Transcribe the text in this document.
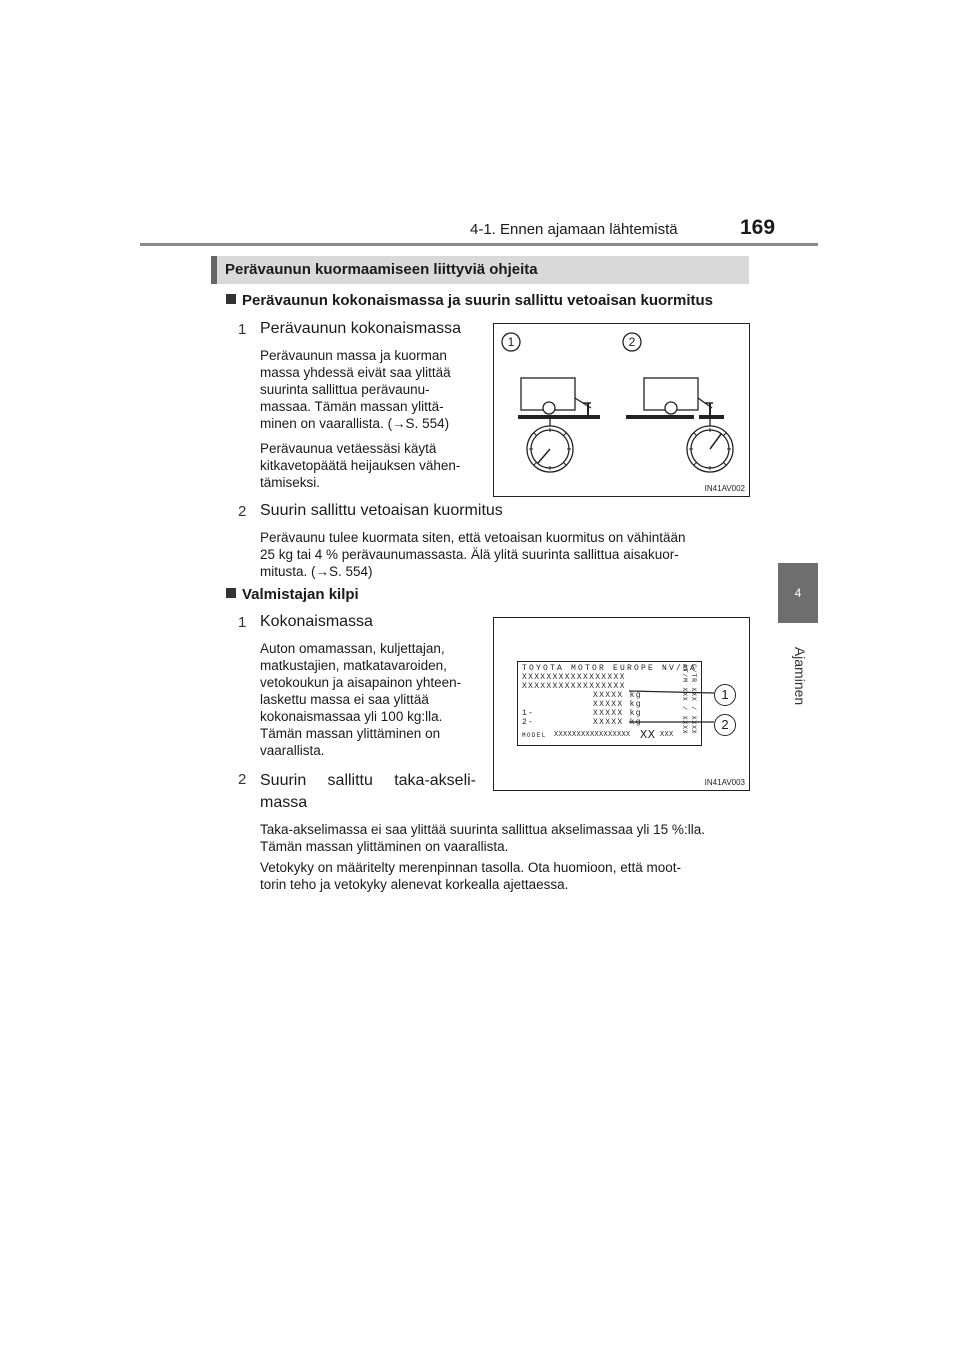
4-1. Ennen ajamaan lähtemistä	169
4
Ajaminen
Perävaunun kuormaamiseen liittyviä ohjeita
Perävaunun kokonaismassa ja suurin sallittu vetoaisan kuormitus
1 Perävaunun kokonaismassa
Perävaunun massa ja kuorman
massa yhdessä eivät saa ylittää
suurinta sallittua perävaunu-
massaa. Tämän massan ylittä-
minen on vaarallista. (→S. 554)
Perävaunua vetäessäsi käytä
kitkavetopäätä heijauksen vähen-
tämiseksi.
1	2
IN41AV002
2 Suurin sallittu vetoaisan kuormitus
Perävaunu tulee kuormata siten, että vetoaisan kuormitus on vähintään
25 kg tai 4 % perävaunumassasta. Älä ylitä suurinta sallittua aisakuor-
mitusta. (→S. 554)
Valmistajan kilpi
1 Kokonaismassa
Auton omamassan, kuljettajan,
matkustajien, matkatavaroiden,
vetokoukun ja aisapainon yhteen-
laskettu massa ei saa ylittää
kokonaismassaa yli 100 kg:lla.
Tämän massan ylittäminen on
vaarallista.
TOYOTA MOTOR EUROPE NV/SA
XXXXXXXXXXXXXXXXX
XXXXXXXXXXXXXXXXX
XXXXX kg
XXXXX kg
1-	XXXXX kg
2-	XXXXX kg
MODEL XXXXXXXXXXXXXXXXX XX XXX
C/TR XXX / XXXX
AT/M XXX / XXXX	1
2
IN41AV003
2 Suurin sallittu taka-akseli-
massa
Taka-akselimassa ei saa ylittää suurinta sallittua akselimassaa yli 15 %:lla.
Tämän massan ylittäminen on vaarallista.
Vetokyky on määritelty merenpinnan tasolla. Ota huomioon, että moot-
torin teho ja vetokyky alenevat korkealla ajettaessa.
